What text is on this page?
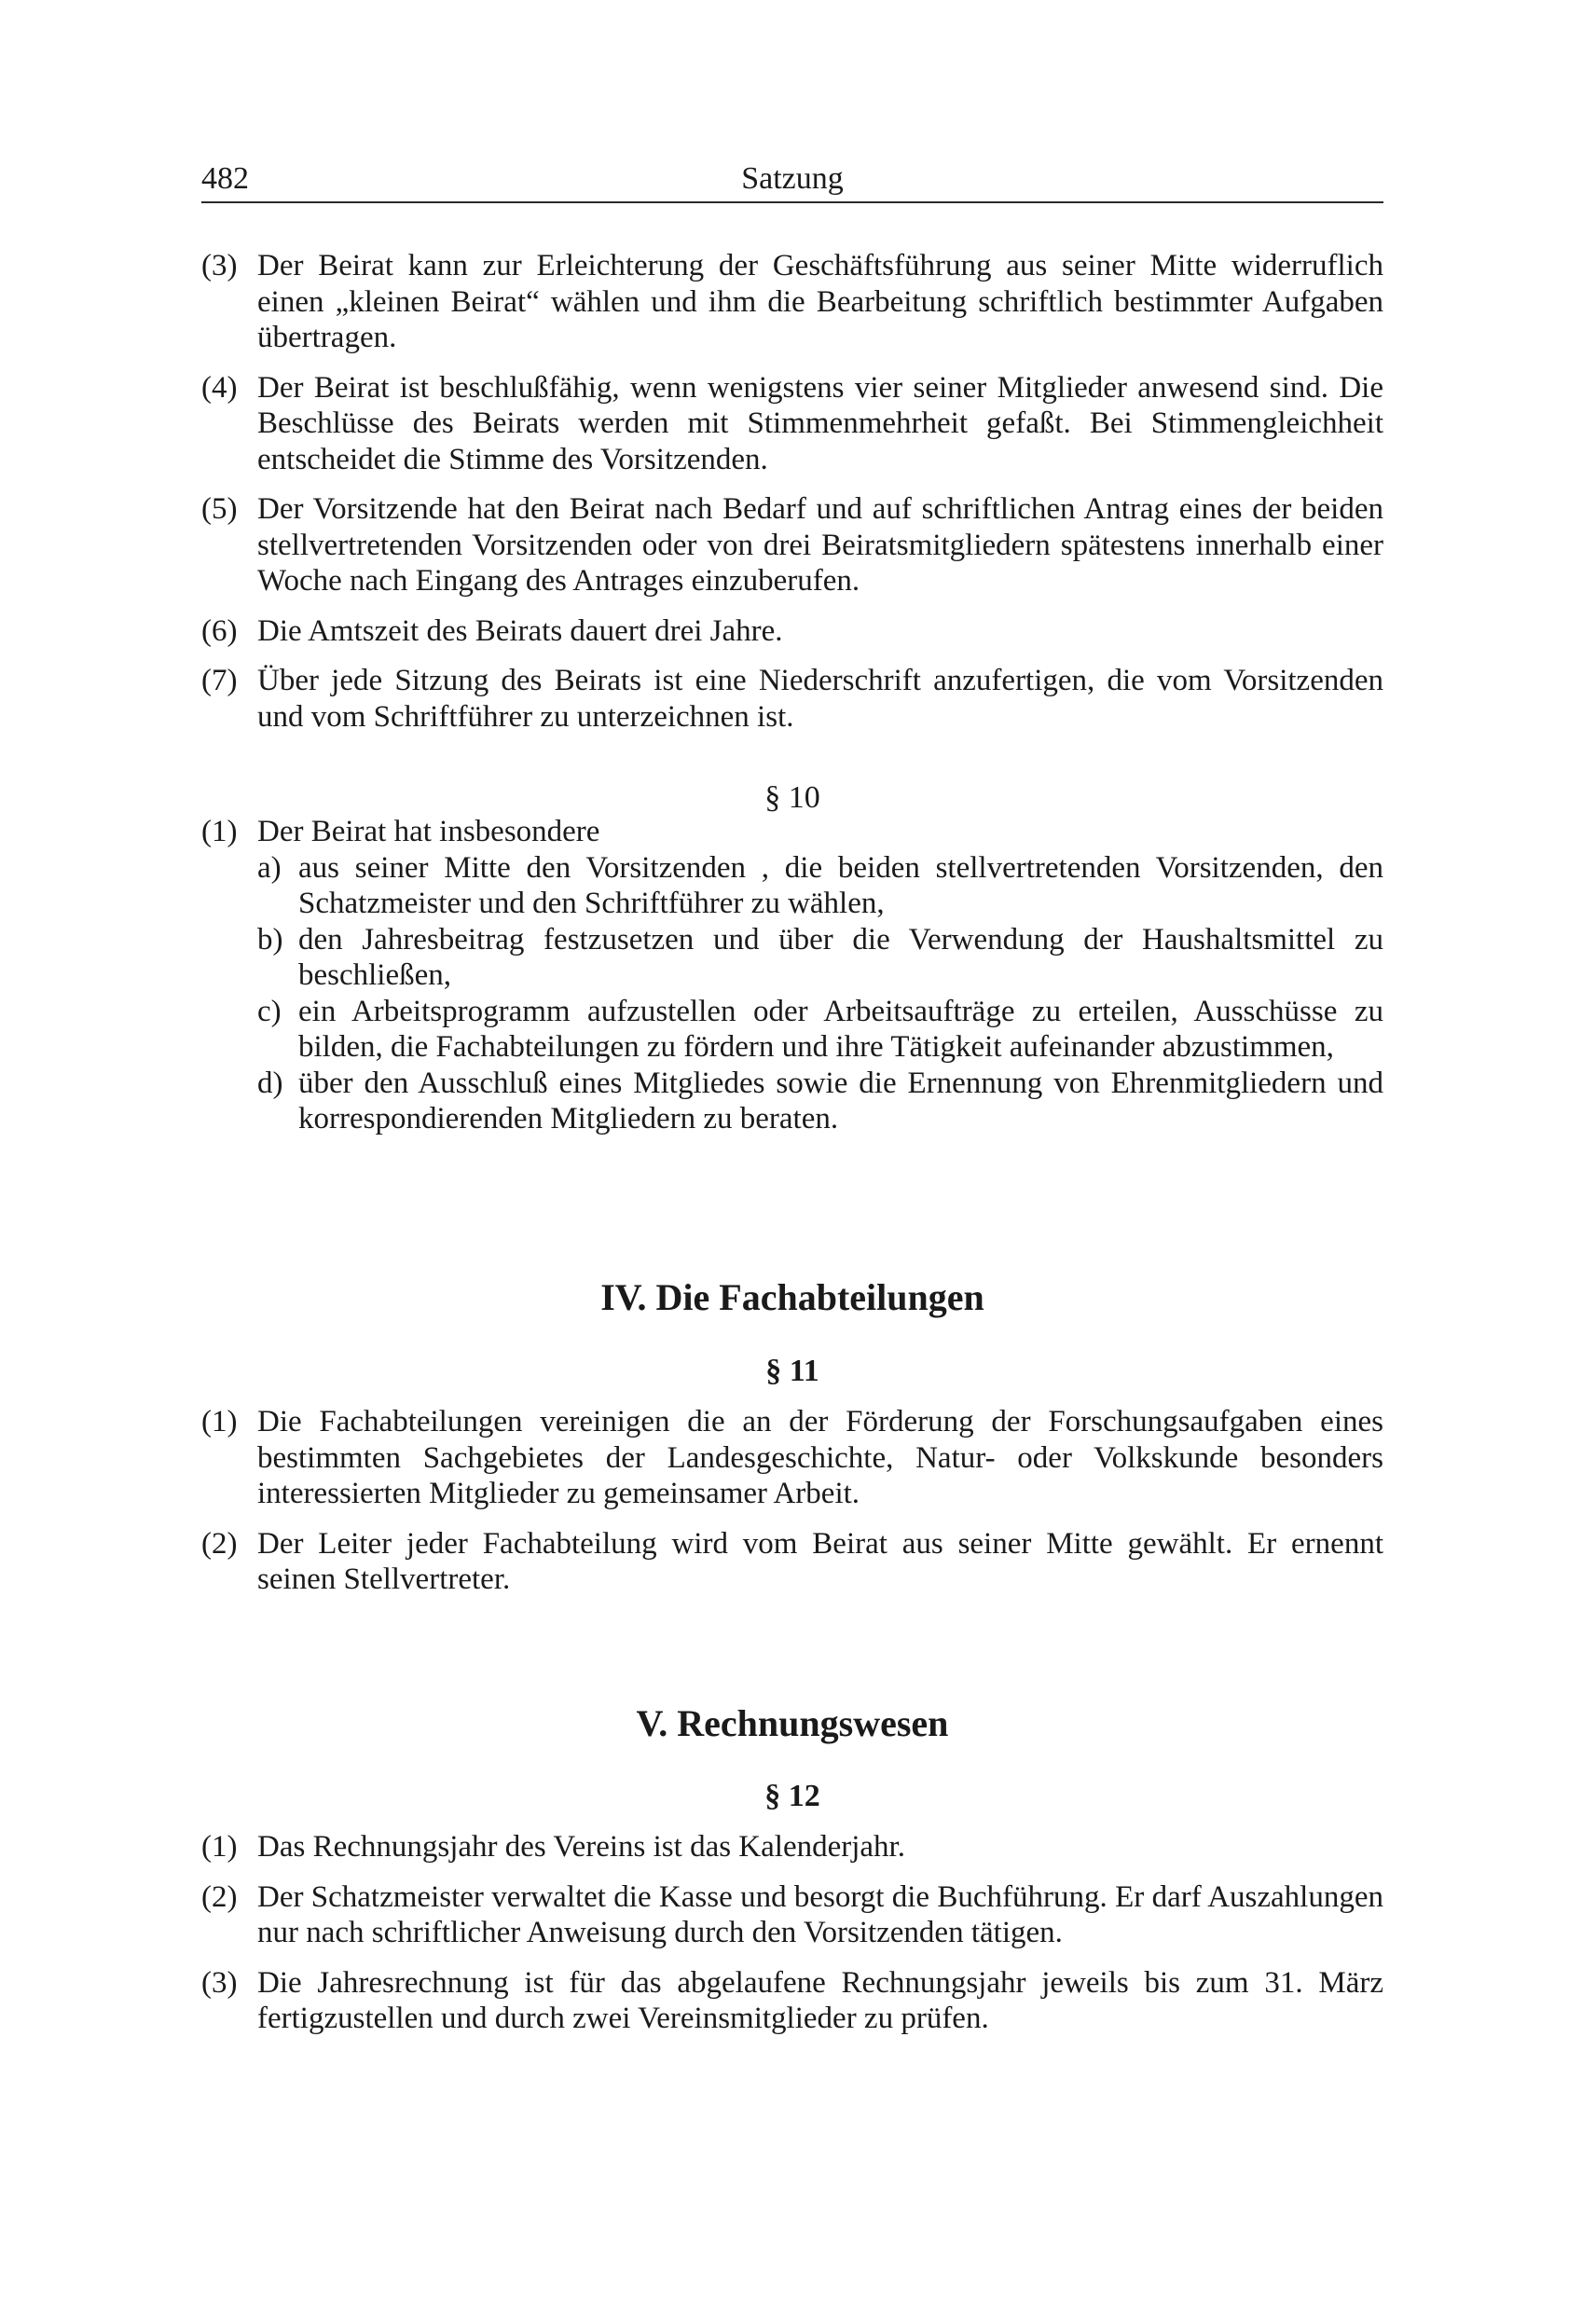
482	Satzung

(3) Der Beirat kann zur Erleichterung der Geschäftsführung aus seiner Mitte widerruflich einen „kleinen Beirat“ wählen und ihm die Bearbeitung schriftlich bestimmter Aufgaben übertragen.

(4) Der Beirat ist beschlußfähig, wenn wenigstens vier seiner Mitglieder anwesend sind. Die Beschlüsse des Beirats werden mit Stimmenmehrheit gefaßt. Bei Stimmengleichheit entscheidet die Stimme des Vorsitzenden.

(5) Der Vorsitzende hat den Beirat nach Bedarf und auf schriftlichen Antrag eines der beiden stellvertretenden Vorsitzenden oder von drei Beiratsmitgliedern spätestens innerhalb einer Woche nach Eingang des Antrages einzuberufen.

(6) Die Amtszeit des Beirats dauert drei Jahre.

(7) Über jede Sitzung des Beirats ist eine Niederschrift anzufertigen, die vom Vorsitzenden und vom Schriftführer zu unterzeichnen ist.

§ 10

(1) Der Beirat hat insbesondere

a) aus seiner Mitte den Vorsitzenden , die beiden stellvertretenden Vorsitzenden, den Schatzmeister und den Schriftführer zu wählen,

b) den Jahresbeitrag festzusetzen und über die Verwendung der Haushaltsmittel zu beschließen,

c) ein Arbeitsprogramm aufzustellen oder Arbeitsaufträge zu erteilen, Ausschüsse zu bilden, die Fachabteilungen zu fördern und ihre Tätigkeit aufeinander abzustimmen,

d) über den Ausschluß eines Mitgliedes sowie die Ernennung von Ehrenmitgliedern und korrespondierenden Mitgliedern zu beraten.

IV. Die Fachabteilungen
§ 11

(1) Die Fachabteilungen vereinigen die an der Förderung der Forschungsaufgaben eines bestimmten Sachgebietes der Landesgeschichte, Natur- oder Volkskunde besonders interessierten Mitglieder zu gemeinsamer Arbeit.

(2) Der Leiter jeder Fachabteilung wird vom Beirat aus seiner Mitte gewählt. Er ernennt seinen Stellvertreter.

V. Rechnungswesen
§ 12

(1) Das Rechnungsjahr des Vereins ist das Kalenderjahr.

(2) Der Schatzmeister verwaltet die Kasse und besorgt die Buchführung. Er darf Auszahlungen nur nach schriftlicher Anweisung durch den Vorsitzenden tätigen.

(3) Die Jahresrechnung ist für das abgelaufene Rechnungsjahr jeweils bis zum 31. März fertigzustellen und durch zwei Vereinsmitglieder zu prüfen.
